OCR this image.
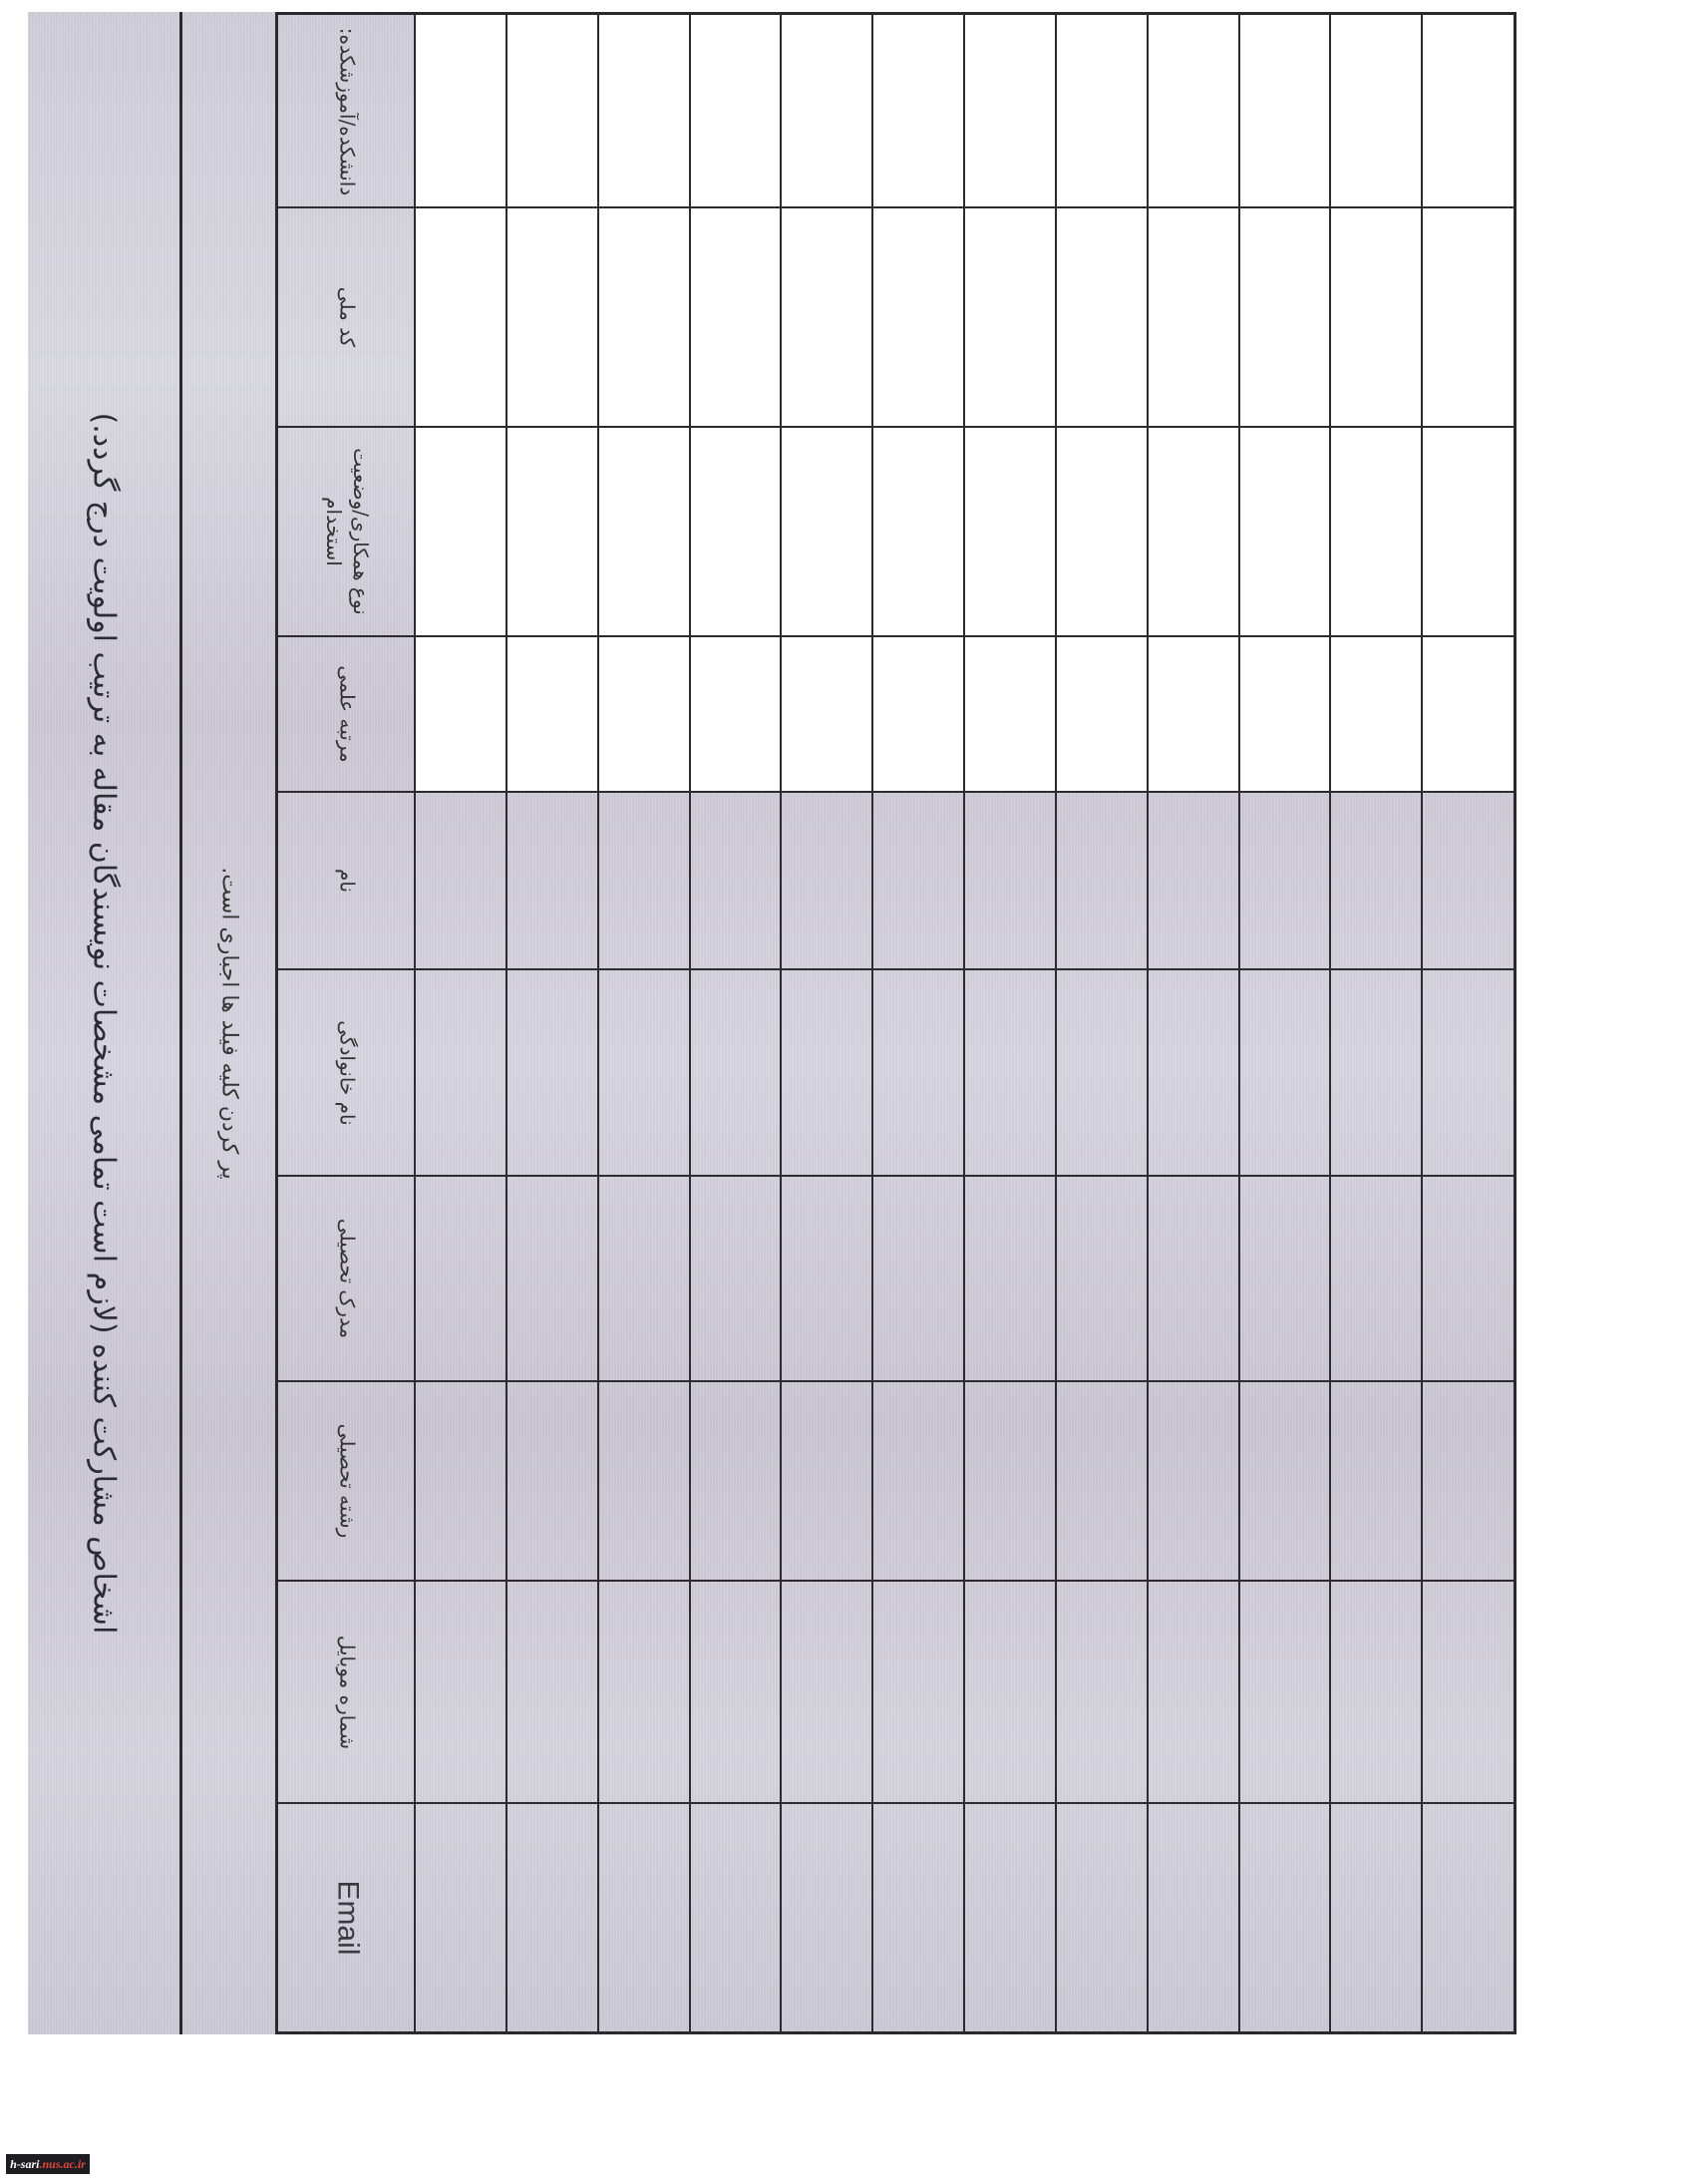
اشخاص مشارکت کننده (لازم است تمامی مشخصات نویسندگان مقاله به ترتیب اولویت درج گردد.)	پر کردن کلیه فیلد ها اجباری است.
دانشکده/آموزشکده:
کد ملی
نوع همکاری/وضعیت
استخدام
مرتبه علمی
نام
نام خانوادگی
مدرک تحصیلی
رشته تحصیلی
شماره موبایل
Email
h-sari.nus.ac.ir
